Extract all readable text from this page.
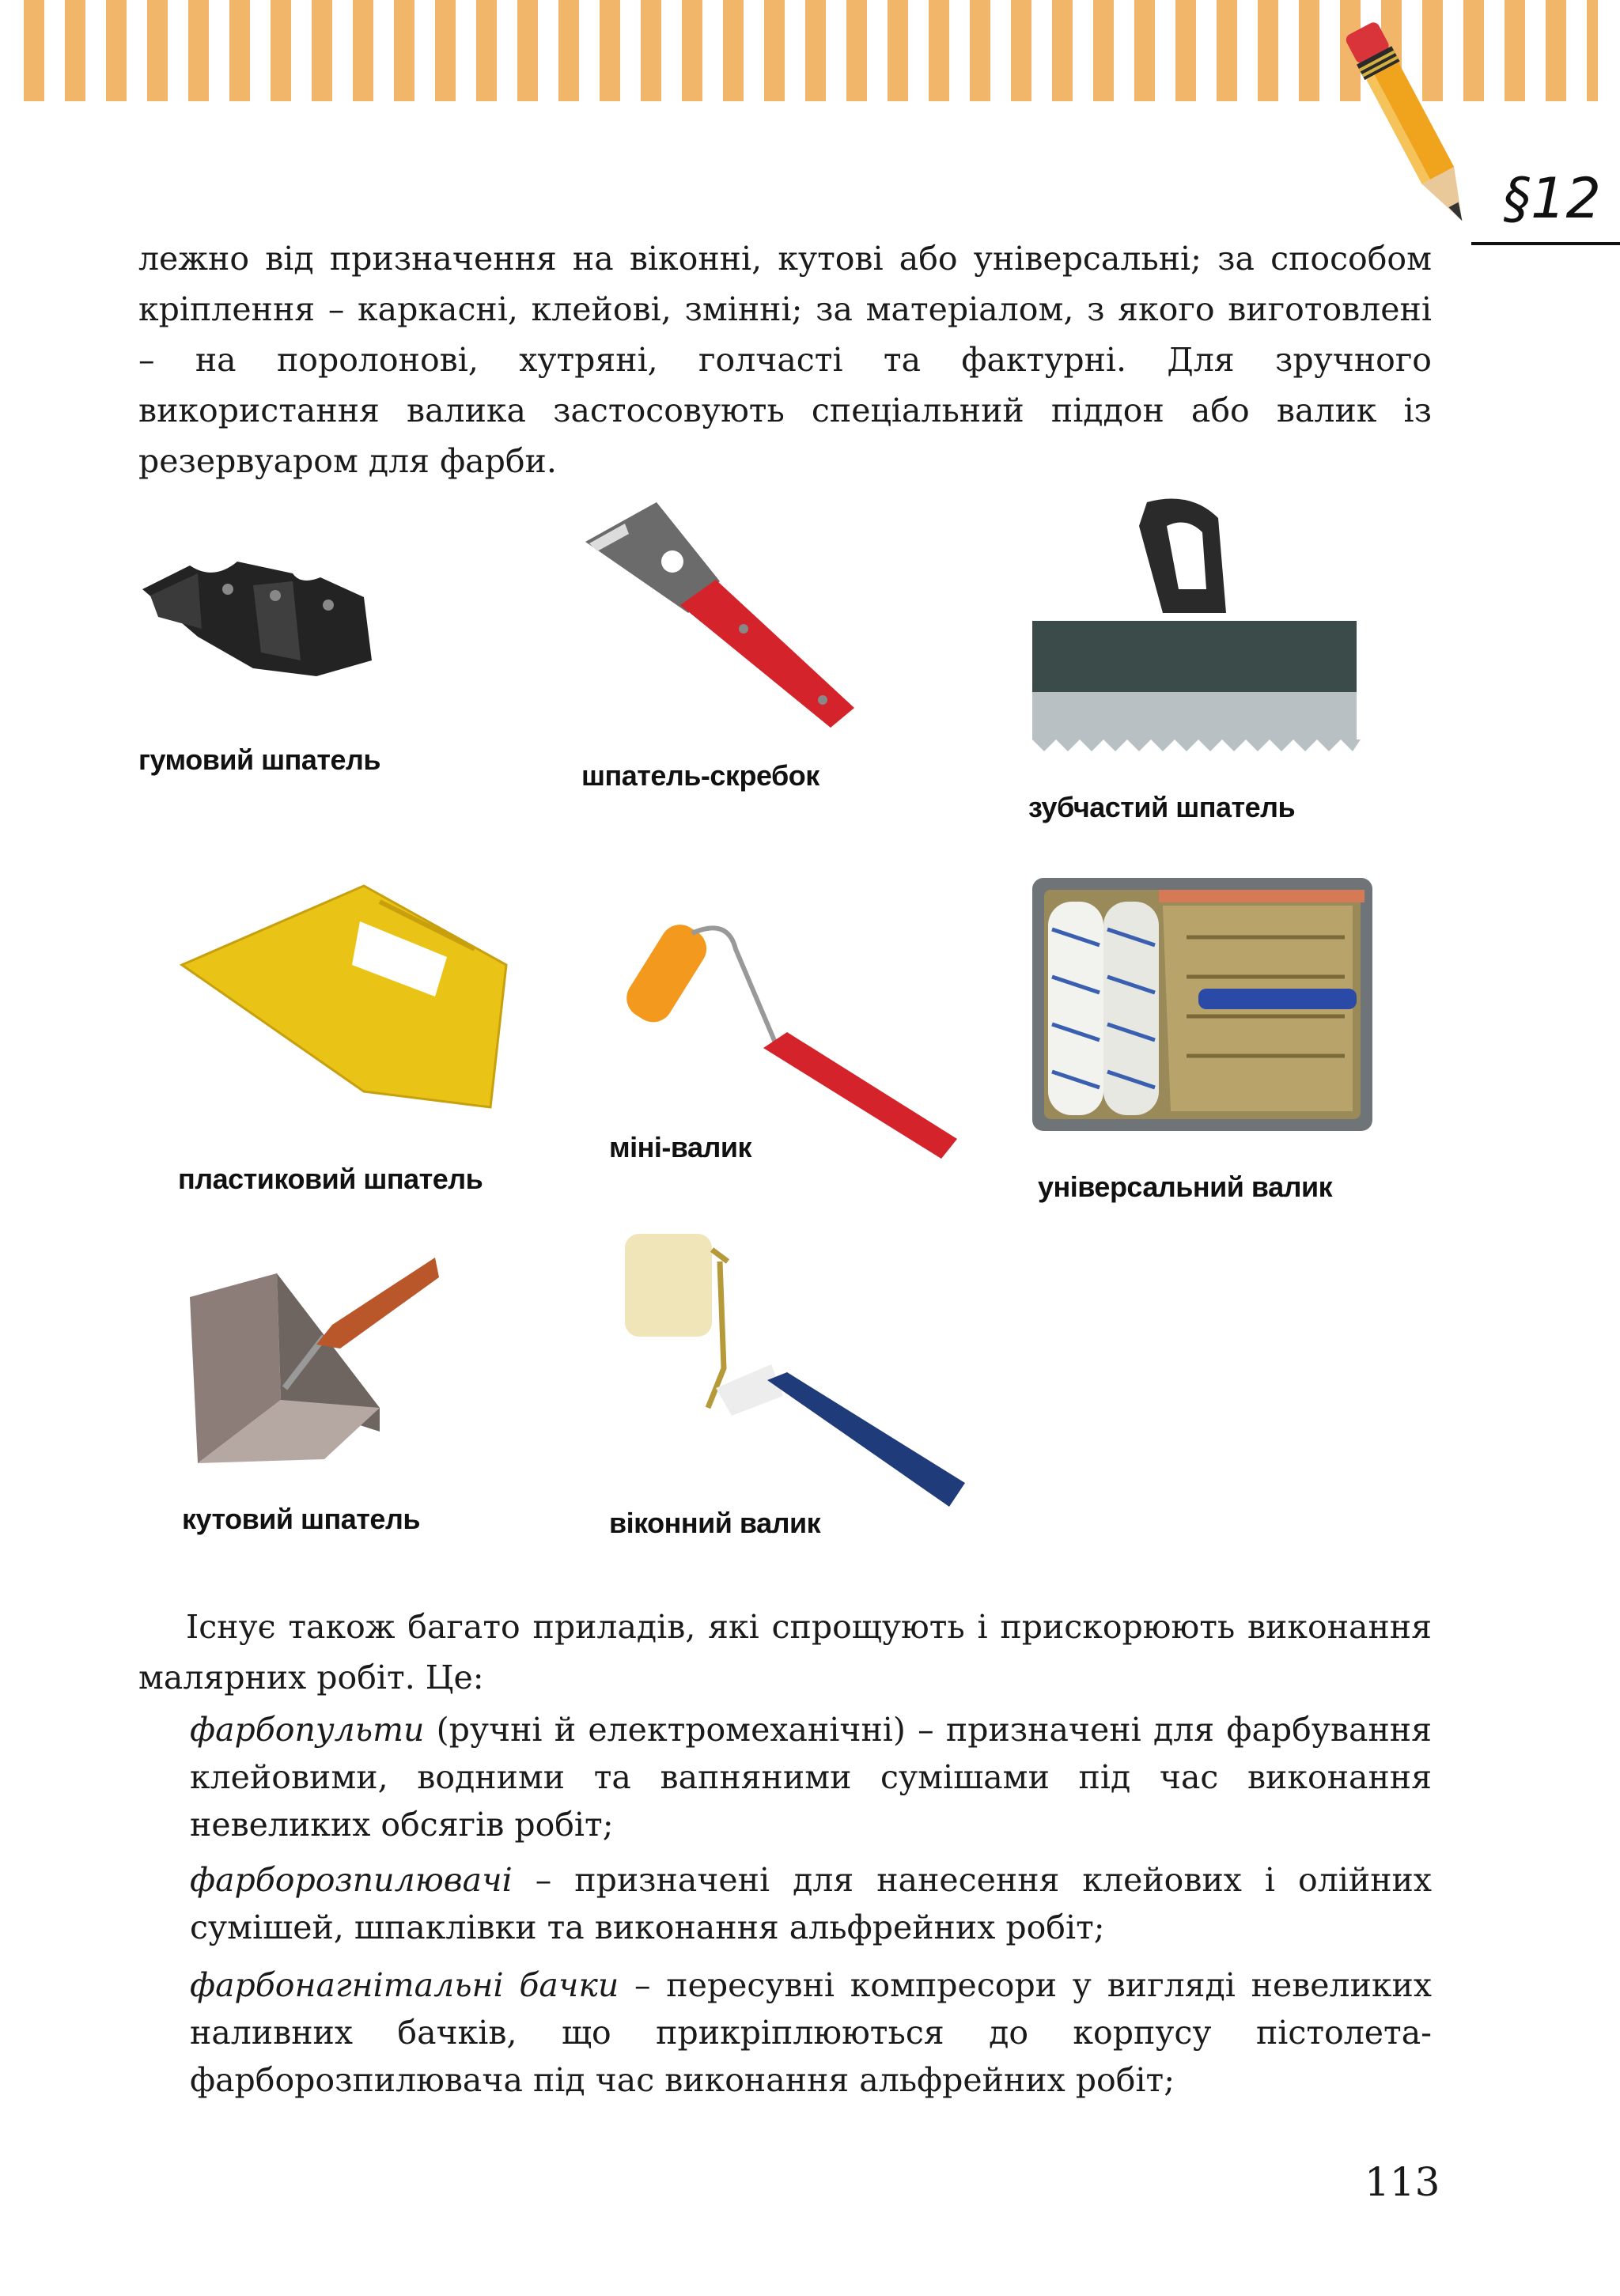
§12
лежно від призначення на віконні, кутові або універсальні; за способом кріплення – каркасні, клейові, змінні; за матеріалом, з якого виготовлені – на поролонові, хутряні, голчасті та фактурні. Для зручного використання валика застосовують спеціальний піддон або валик із резервуаром для фарби.
гумовий шпатель	шпатель-скребок
зубчастий шпатель
пластиковий шпатель
міні-валик
універсальний валик
кутовий шпатель	віконний валик
Існує також багато приладів, які спрощують і прискорюють виконання малярних робіт. Це:
фарбопульти (ручні й електромеханічні) – призначені для фарбування клейовими, водними та вапняними сумішами під час виконання невеликих обсягів робіт;
фарборозпилювачі – призначені для нанесення клейових і олійних сумішей, шпаклівки та виконання альфрейних робіт;
фарбонагнітальні бачки – пересувні компресори у вигляді невеликих наливних бачків, що прикріплюються до корпусу пістолета-фарборозпилювача під час виконання альфрейних робіт;
113
